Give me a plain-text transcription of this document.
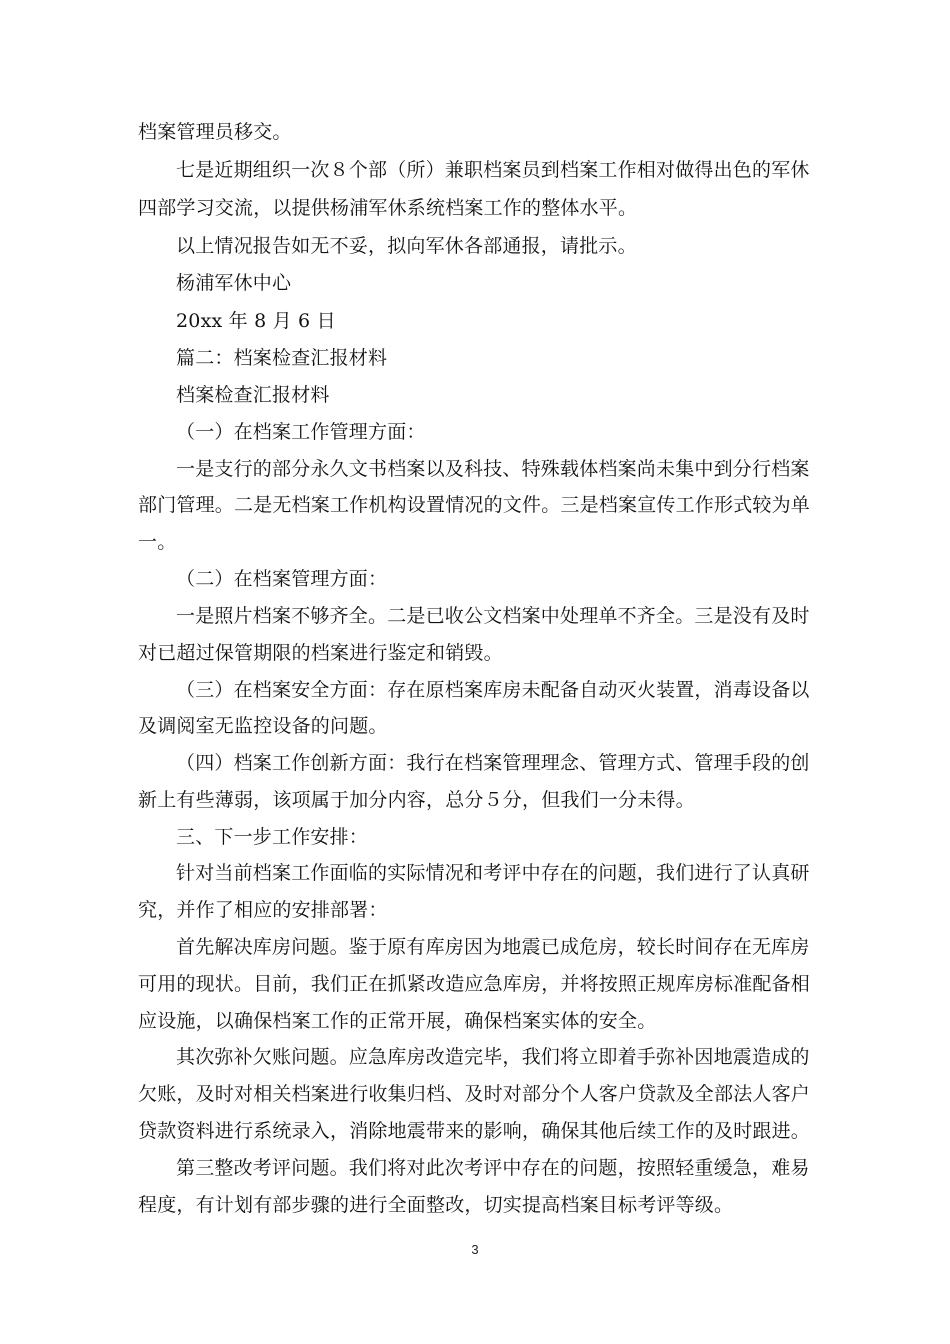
档案管理员移交。
七是近期组织一次８个部（所）兼职档案员到档案工作相对做得出色的军休
四部学习交流，以提供杨浦军休系统档案工作的整体水平。
以上情况报告如无不妥，拟向军休各部通报，请批示。
杨浦军休中心
20xx 年 8 月 6 日
篇二：档案检查汇报材料
档案检查汇报材料
（一）在档案工作管理方面：
一是支行的部分永久文书档案以及科技、特殊载体档案尚未集中到分行档案
部门管理。二是无档案工作机构设置情况的文件。三是档案宣传工作形式较为单
一。
（二）在档案管理方面：
一是照片档案不够齐全。二是已收公文档案中处理单不齐全。三是没有及时
对已超过保管期限的档案进行鉴定和销毁。
（三）在档案安全方面：存在原档案库房未配备自动灭火装置，消毒设备以
及调阅室无监控设备的问题。
（四）档案工作创新方面：我行在档案管理理念、管理方式、管理手段的创
新上有些薄弱，该项属于加分内容，总分５分，但我们一分未得。
三、下一步工作安排：
针对当前档案工作面临的实际情况和考评中存在的问题，我们进行了认真研
究，并作了相应的安排部署：
首先解决库房问题。鉴于原有库房因为地震已成危房，较长时间存在无库房
可用的现状。目前，我们正在抓紧改造应急库房，并将按照正规库房标准配备相
应设施，以确保档案工作的正常开展，确保档案实体的安全。
其次弥补欠账问题。应急库房改造完毕，我们将立即着手弥补因地震造成的
欠账，及时对相关档案进行收集归档、及时对部分个人客户贷款及全部法人客户
贷款资料进行系统录入，消除地震带来的影响，确保其他后续工作的及时跟进。
第三整改考评问题。我们将对此次考评中存在的问题，按照轻重缓急，难易
程度，有计划有部步骤的进行全面整改，切实提高档案目标考评等级。
3
